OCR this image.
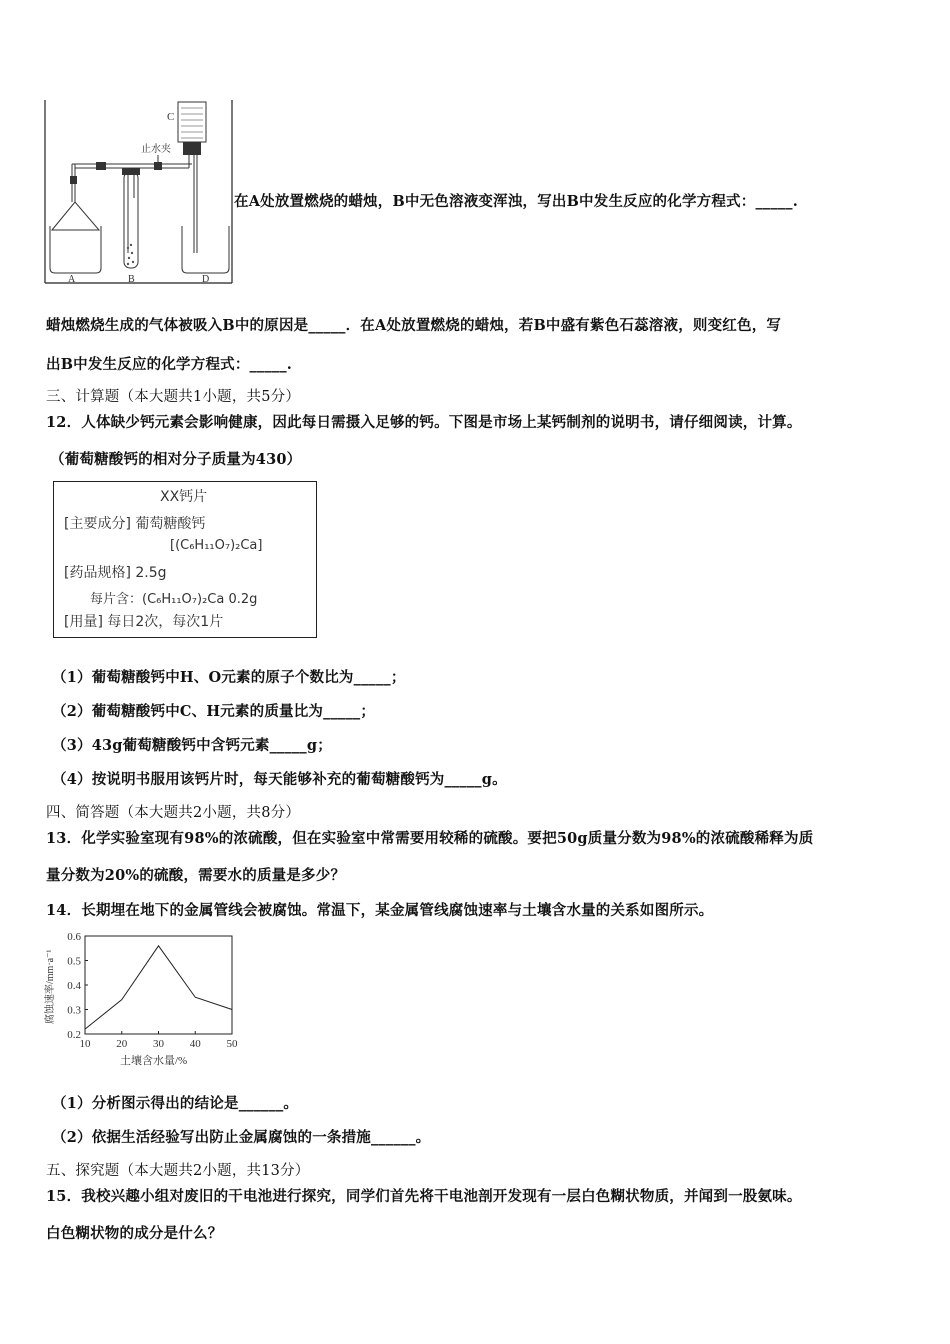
止水夹
C
A	B	D
在A处放置燃烧的蜡烛，B中无色溶液变浑浊，写出B中发生反应的化学方程式：_____.
蜡烛燃烧生成的气体被吸入B中的原因是_____．在A处放置燃烧的蜡烛，若B中盛有紫色石蕊溶液，则变红色，写
出B中发生反应的化学方程式：_____.
三、计算题（本大题共1小题，共5分）
12．人体缺少钙元素会影响健康，因此每日需摄入足够的钙。下图是市场上某钙制剂的说明书，请仔细阅读，计算。
（葡萄糖酸钙的相对分子质量为430）
XX钙片
[主要成分] 葡萄糖酸钙
[(C₆H₁₁O₇)₂Ca]
[药品规格] 2.5g
每片含：(C₆H₁₁O₇)₂Ca 0.2g
[用量] 每日2次，每次1片
（1）葡萄糖酸钙中H、O元素的原子个数比为_____；
（2）葡萄糖酸钙中C、H元素的质量比为_____；
（3）43g葡萄糖酸钙中含钙元素_____g；
（4）按说明书服用该钙片时，每天能够补充的葡萄糖酸钙为_____g。
四、简答题（本大题共2小题，共8分）
13．化学实验室现有98%的浓硫酸，但在实验室中常需要用较稀的硫酸。要把50g质量分数为98%的浓硫酸稀释为质
量分数为20%的硫酸，需要水的质量是多少？
14．长期埋在地下的金属管线会被腐蚀。常温下，某金属管线腐蚀速率与土壤含水量的关系如图所示。
10 20 30 40 50
0.2
0.3
0.4
0.5
0.6
土壤含水量/%
腐蚀速率/mm·a⁻¹
（1）分析图示得出的结论是______。
（2）依据生活经验写出防止金属腐蚀的一条措施______。
五、探究题（本大题共2小题，共13分）
15．我校兴趣小组对废旧的干电池进行探究，同学们首先将干电池剖开发现有一层白色糊状物质，并闻到一股氨味。
白色糊状物的成分是什么？
